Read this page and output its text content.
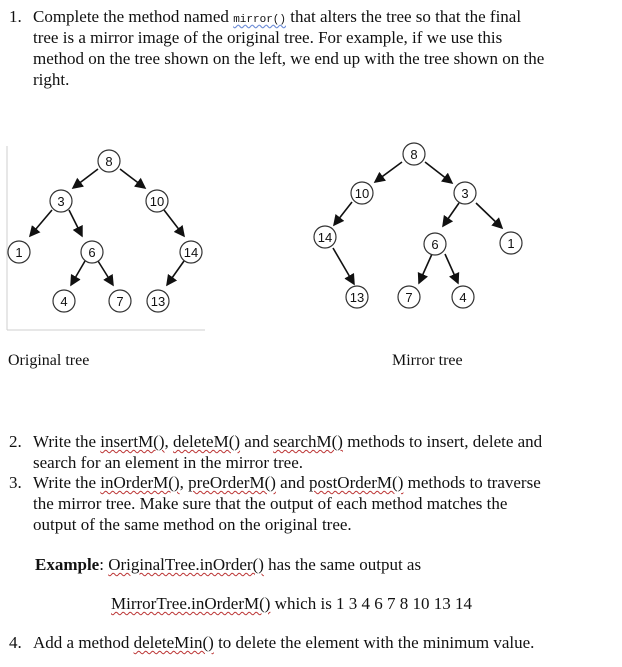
1. Complete the method named mirror() that alters the tree so that the final
tree is a mirror image of the original tree. For example, if we use this
method on the tree shown on the left, we end up with the tree shown on the
right.
8
3	10
1	6	14
4	7 13
8
10	3
14	6	1
13	7	4
Original tree	Mirror tree
2. Write the insertM(), deleteM() and searchM() methods to insert, delete and
search for an element in the mirror tree.
3. Write the inOrderM(), preOrderM() and postOrderM() methods to traverse
the mirror tree. Make sure that the output of each method matches the
output of the same method on the original tree.
Example: OriginalTree.inOrder() has the same output as
MirrorTree.inOrderM() which is 1 3 4 6 7 8 10 13 14
4. Add a method deleteMin() to delete the element with the minimum value.
